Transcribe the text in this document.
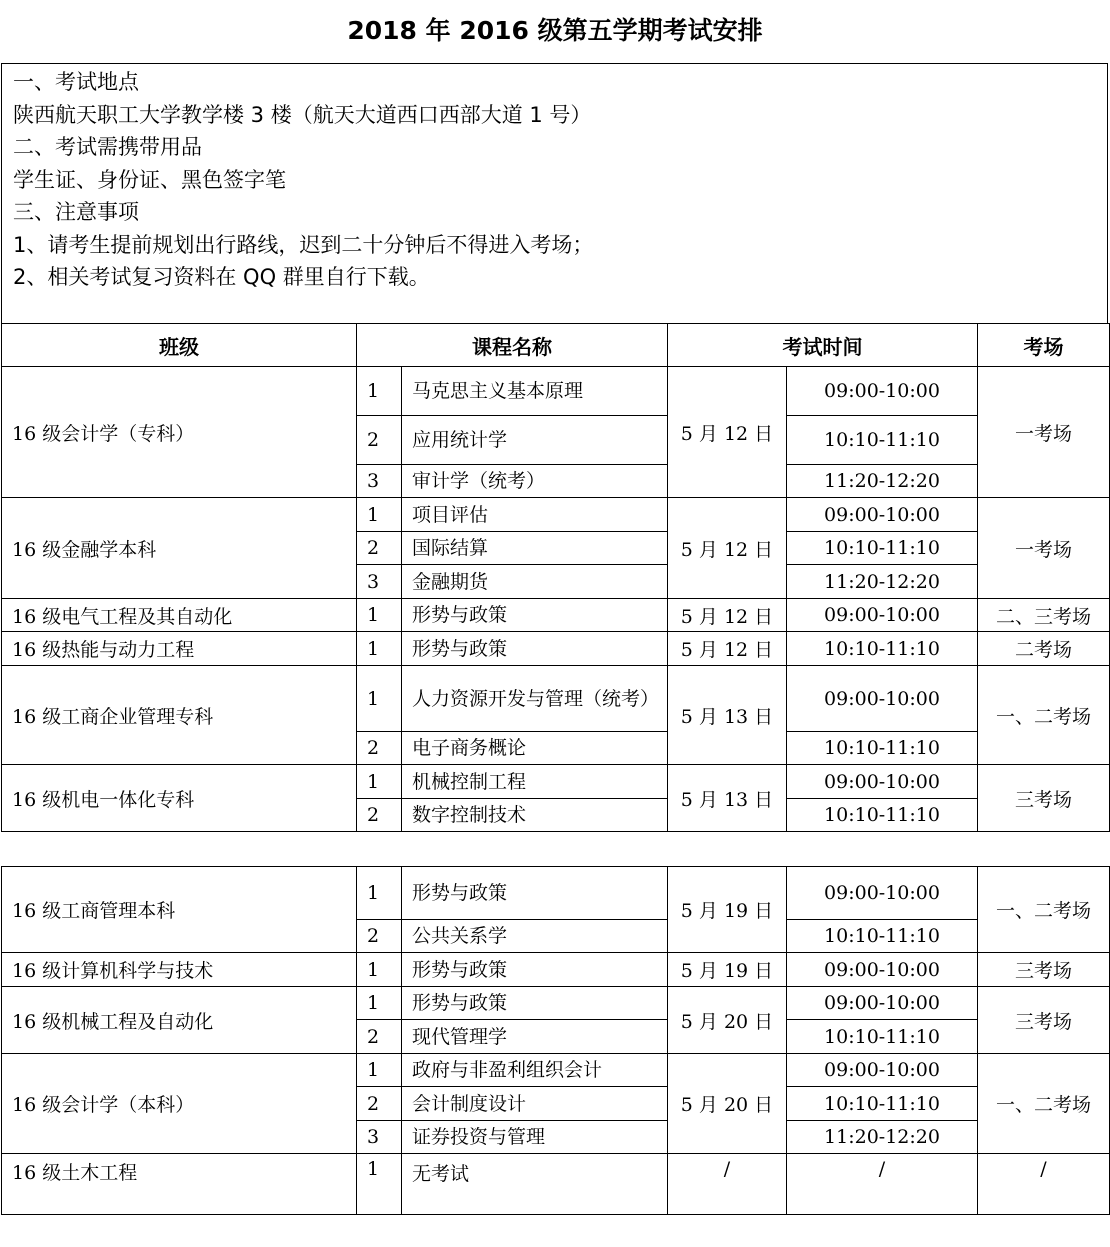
2018 年 2016 级第五学期考试安排
一、考试地点
陕西航天职工大学教学楼 3 楼（航天大道西口西部大道 1 号）
二、考试需携带用品
学生证、身份证、黑色签字笔
三、注意事项
1、请考生提前规划出行路线，迟到二十分钟后不得进入考场；
2、相关考试复习资料在 QQ 群里自行下载。
班级	课程名称		考试时间		考场
16 级会计学（专科）	1	马克思主义基本原理	5 月 12 日	09:00-10:00	一考场
	2	应用统计学		10:10-11:10	
	3	审计学（统考）		11:20-12:20	
16 级金融学本科	1	项目评估	5 月 12 日	09:00-10:00	一考场
	2	国际结算		10:10-11:10	
	3	金融期货		11:20-12:20	
16 级电气工程及其自动化	1	形势与政策	5 月 12 日	09:00-10:00	二、三考场
16 级热能与动力工程	1	形势与政策	5 月 12 日	10:10-11:10	二考场
16 级工商企业管理专科	1	人力资源开发与管理（统考）	5 月 13 日	09:00-10:00	一、二考场
	2	电子商务概论		10:10-11:10	
16 级机电一体化专科	1	机械控制工程	5 月 13 日	09:00-10:00	三考场
	2	数字控制技术		10:10-11:10	
16 级工商管理本科	1	形势与政策	5 月 19 日	09:00-10:00	一、二考场
	2	公共关系学		10:10-11:10	
16 级计算机科学与技术	1	形势与政策	5 月 19 日	09:00-10:00	三考场
16 级机械工程及自动化	1	形势与政策	5 月 20 日	09:00-10:00	三考场
	2	现代管理学		10:10-11:10	
16 级会计学（本科）	1	政府与非盈利组织会计	5 月 20 日	09:00-10:00	一、二考场
	2	会计制度设计		10:10-11:10	
	3	证券投资与管理		11:20-12:20	
16 级土木工程	1	无考试	/	/	/
